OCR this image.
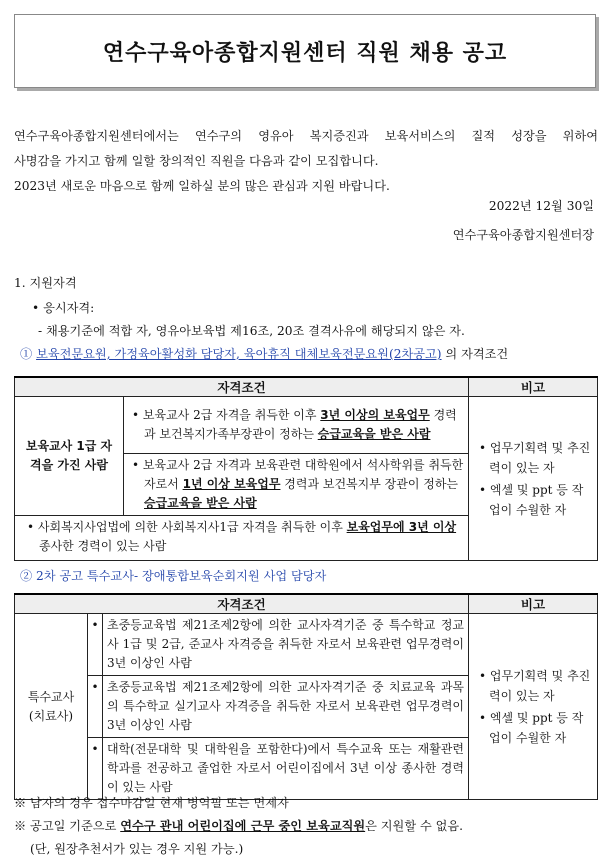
연수구육아종합지원센터 직원 채용 공고

연수구육아종합지원센터에서는 연수구의 영유아 복지증진과 보육서비스의 질적 성장을 위하여

사명감을 가지고 함께 일할 창의적인 직원을 다음과 같이 모집합니다.

2023년 새로운 마음으로 함께 일하실 분의 많은 관심과 지원 바랍니다.

2022년 12월 30일
연수구육아종합지원센터장
1. 지원자격
• 응시자격:
- 채용기준에 적합 자, 영유아보육법 제16조, 20조 결격사유에 해당되지 않은 자.
① 보육전문요원, 가정육아활성화 담당자, 육아휴직 대체보육전문요원(2차공고) 의 자격조건
자격조건		비고
보육교사 1급 자격을 가진 사람	• 보육교사 2급 자격을 취득한 이후 3년 이상의 보육업무 경력과 보건복지가족부장관이 정하는 승급교육을 받은 사람	• 업무기획력 및 추진력이 있는 자
• 엑셀 및 ppt 등 작업이 수월한 자

	• 보육교사 2급 자격과 보육관련 대학원에서 석사학위를 취득한 자로서 1년 이상 보육업무 경력과 보건복지부 장관이 정하는 승급교육을 받은 사람	
• 사회복지사업법에 의한 사회복지사1급 자격을 취득한 이후 보육업무에 3년 이상 종사한 경력이 있는 사람		
② 2차 공고 특수교사- 장애통합보육순회지원 사업 담당자
자격조건			비고
특수교사 (치료사)	•	초중등교육법 제21조제2항에 의한 교사자격기준 중 특수학교 정교사 1급 및 2급, 준교사 자격증을 취득한 자로서 보육관련 업무경력이 3년 이상인 사람	• 업무기획력 및 추진력이 있는 자
• 엑셀 및 ppt 등 작업이 수월한 자

	•	초중등교육법 제21조제2항에 의한 교사자격기준 중 치료교육 과목의 특수학교 실기교사 자격증을 취득한 자로서 보육관련 업무경력이 3년 이상인 사람	
	•	대학(전문대학 및 대학원을 포함한다)에서 특수교육 또는 재활관련 학과를 전공하고 졸업한 자로서 어린이집에서 3년 이상 종사한 경력이 있는 사람	
※ 남자의 경우 접수마감일 현재 병역필 또는 면제자
※ 공고일 기준으로 연수구 관내 어린이집에 근무 중인 보육교직원은 지원할 수 없음.
(단, 원장추천서가 있는 경우 지원 가능.)
